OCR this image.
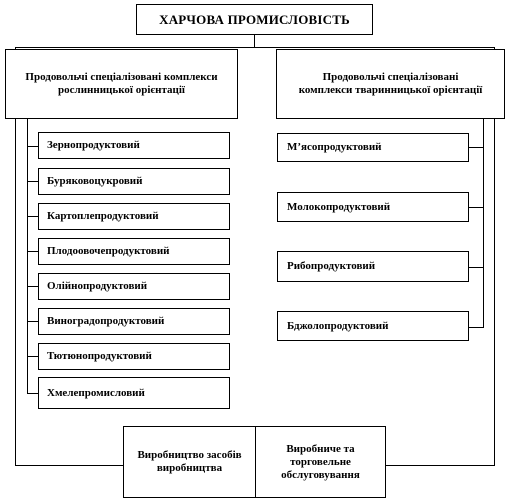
ХАРЧОВА ПРОМИСЛОВІСТЬ
Продовольчі спеціалізовані комплекси рослинницької орієнтації
Продовольчі спеціалізовані комплекси тваринницької орієнтації
Зернопродуктовий
Буряковоцукровий
Картоплепродуктовий
Плодоовочепродуктовий
Олійнопродуктовий
Виноградопродуктовий
Тютюнопродуктовий
Хмелепромисловий
М’ясопродуктовий
Молокопродуктовий
Рибопродуктовий
Бджолопродуктовий
Виробництво засобів виробництва
Виробниче та торговельне обслуговування
